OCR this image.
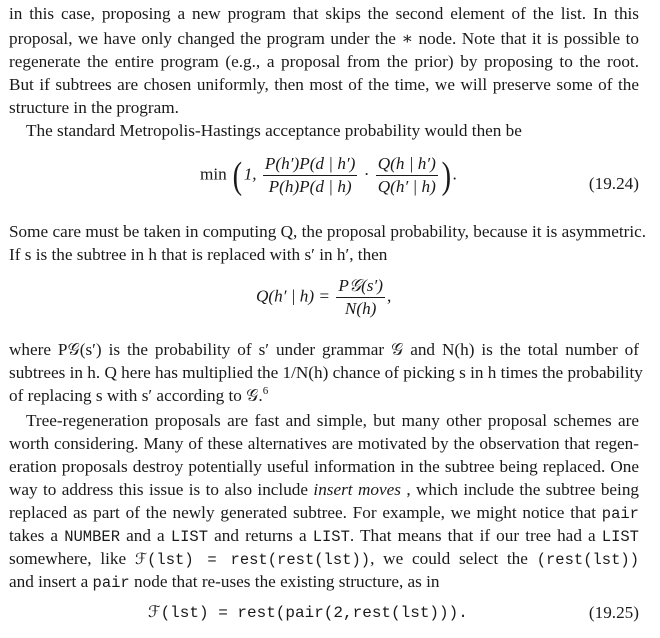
in this case, proposing a new program that skips the second element of the list. In this
proposal, we have only changed the program under the ∗ node. Note that it is possible to
regenerate the entire program (e.g., a proposal from the prior) by proposing to the root.
But if subtrees are chosen uniformly, then most of the time, we will preserve some of the
structure in the program.
The standard Metropolis-Hastings acceptance probability would then be
min (1, $\frac{P(h')P(d | h')}{P(h)P(d | h)} \cdot \frac{Q(h | h')}{Q(h' | h)}$ ).
(19.24)
Some care must be taken in computing Q, the proposal probability, because it is asymmetric.
If s is the subtree in h that is replaced with s′ in h′, then
Q(h′ | $h) = \frac{\text{P𝒢(s′)}}{N(h)}$ ,
where P𝒢(s′) is the probability of s′ under grammar 𝒢 and N(h) is the total number of
subtrees in h. Q here has multiplied the 1/N(h) chance of picking s in h times the probability
of replacing s with s′ according to 𝒢.$^6$
Tree-regeneration proposals are fast and simple, but many other proposal schemes are
worth considering. Many of these alternatives are motivated by the observation that regen-
eration proposals destroy potentially useful information in the subtree being replaced. One
way to address this issue is to also include insert moves , which include the subtree being
replaced as part of the newly generated subtree. For example, we might notice that pair
takes a NUMBER and a LIST and returns a LIST. That means that if our tree had a LIST
somewhere, like ℱ(lst) = rest(rest(lst)), we could select the (rest(lst))
and insert a pair node that re-uses the existing structure, as in
ℱ(lst) = rest(pair(2,rest(lst))).	(19.25)
